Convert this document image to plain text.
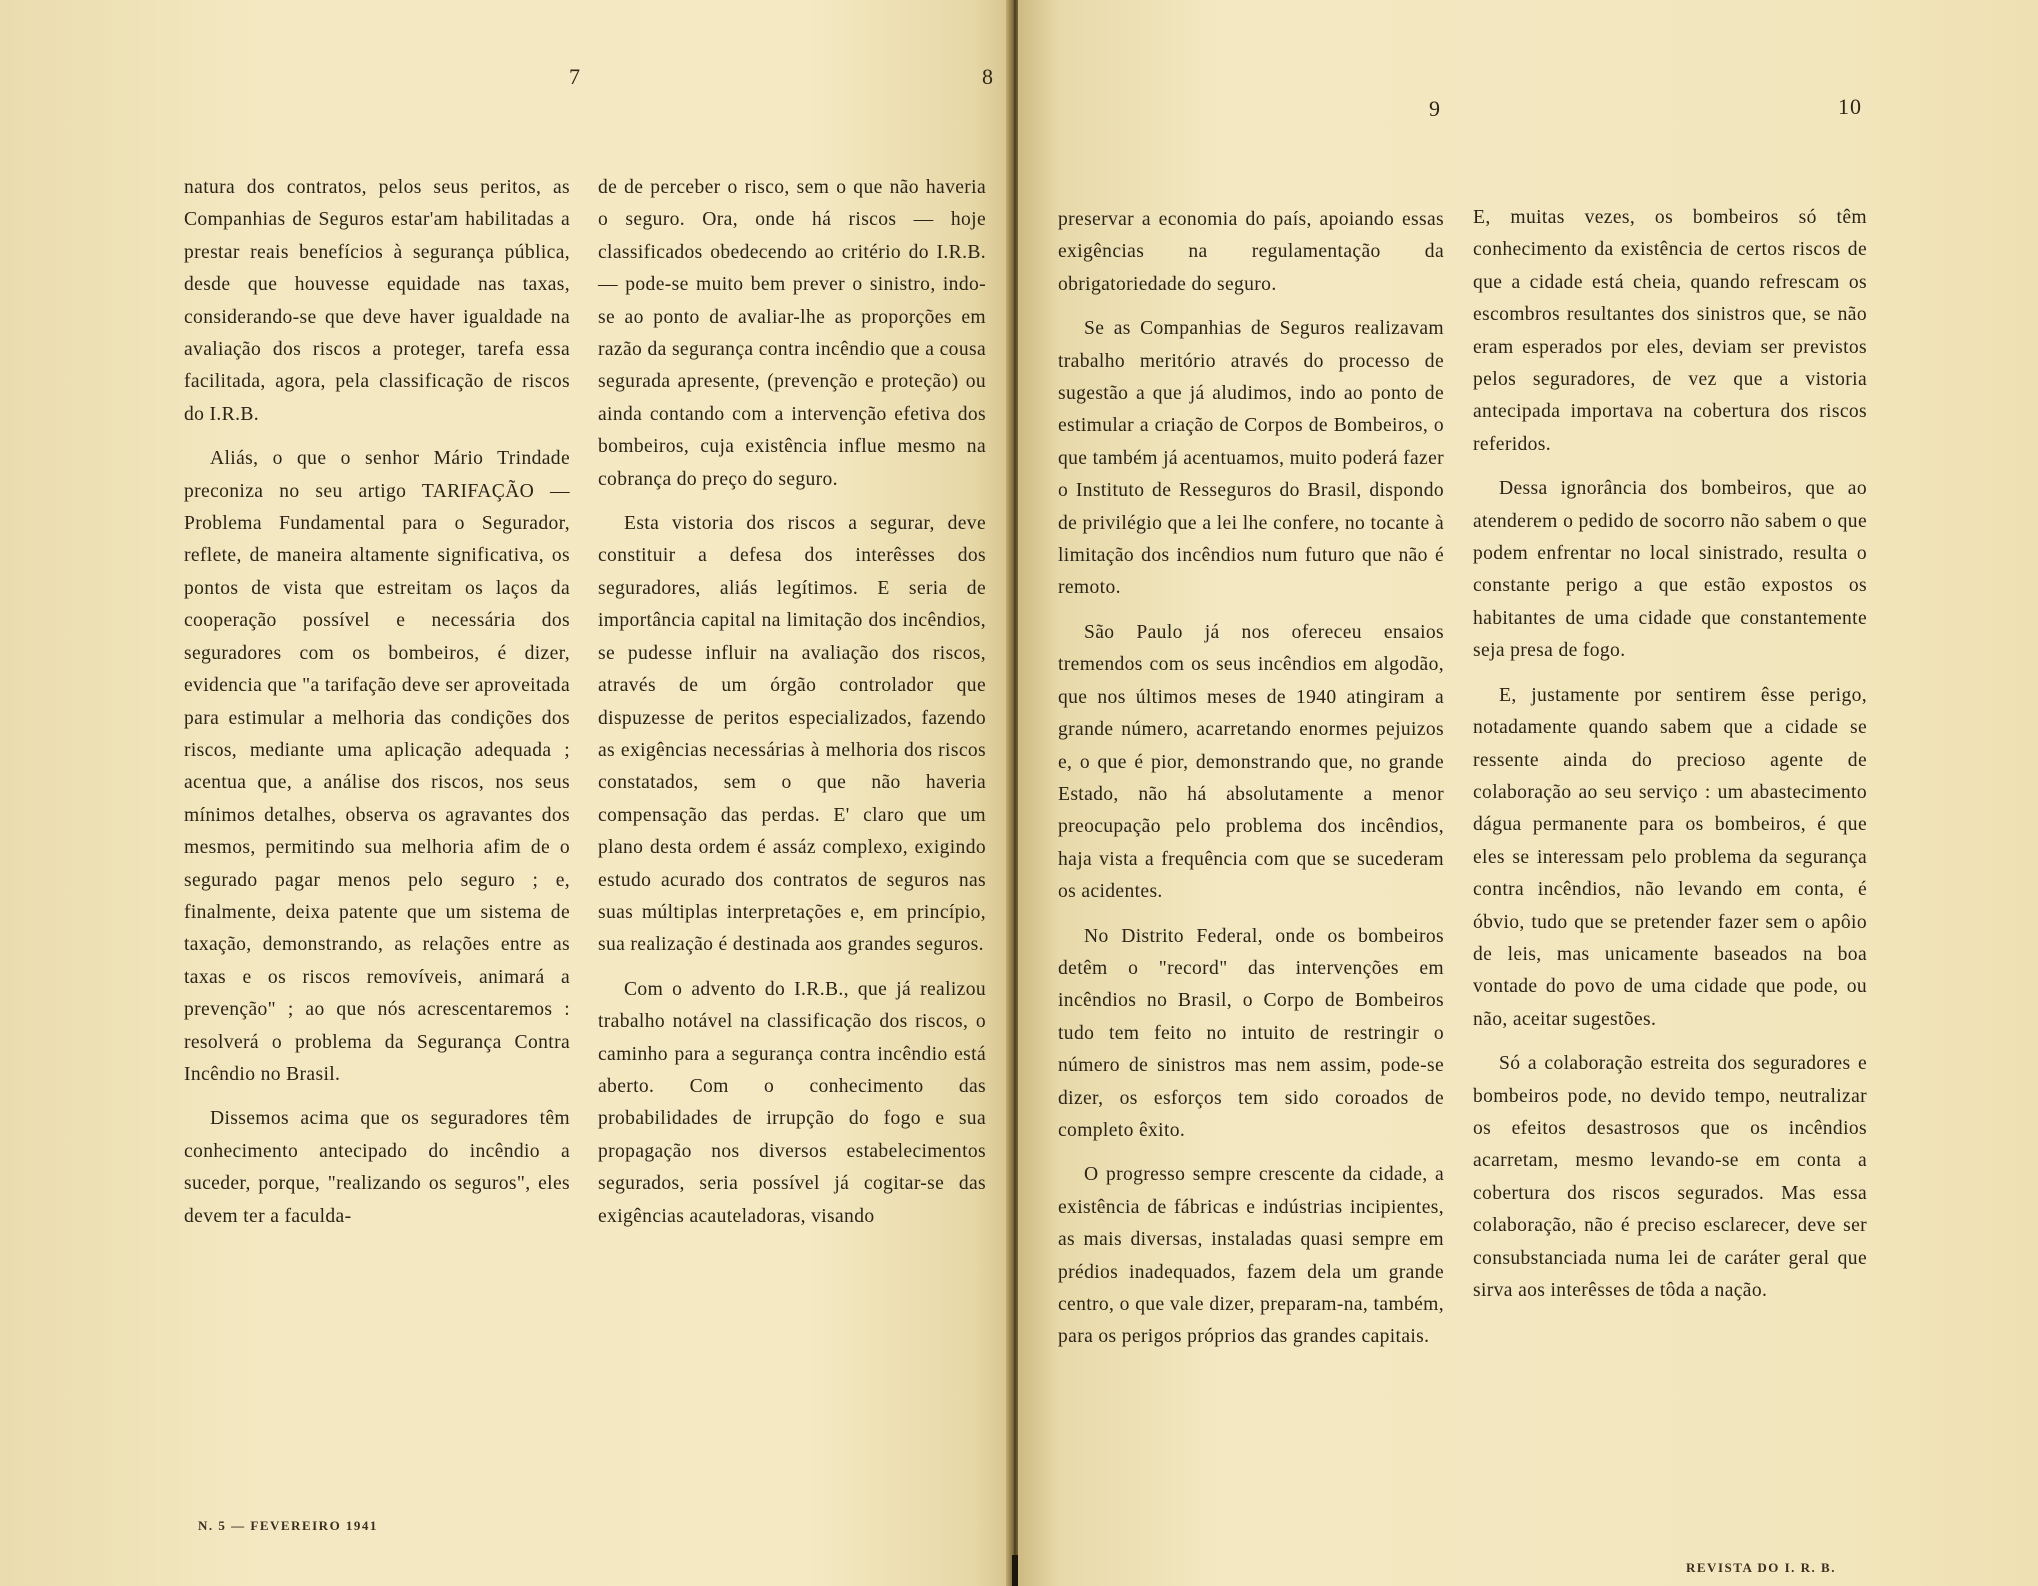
7	8

natura dos contratos, pelos seus peritos, as Companhias de Seguros estar'am habilitadas a prestar reais benefícios à segurança pública, desde que houvesse equidade nas taxas, considerando-se que deve haver igualdade na avaliação dos riscos a proteger, tarefa essa facilitada, agora, pela classificação de riscos do I.R.B.

Aliás, o que o senhor Mário Trindade preconiza no seu artigo TARIFAÇÃO — Problema Fundamental para o Segurador, reflete, de maneira altamente significativa, os pontos de vista que estreitam os laços da cooperação possível e necessária dos seguradores com os bombeiros, é dizer, evidencia que "a tarifação deve ser aproveitada para estimular a melhoria das condições dos riscos, mediante uma aplicação adequada ; acentua que, a análise dos riscos, nos seus mínimos detalhes, observa os agravantes dos mesmos, permitindo sua melhoria afim de o segurado pagar menos pelo seguro ; e, finalmente, deixa patente que um sistema de taxação, demonstrando, as relações entre as taxas e os riscos removíveis, animará a prevenção" ; ao que nós acrescentaremos : resolverá o problema da Segurança Contra Incêndio no Brasil.

Dissemos acima que os seguradores têm conhecimento antecipado do incêndio a suceder, porque, "realizando os seguros", eles devem ter a faculda-

de de perceber o risco, sem o que não haveria o seguro. Ora, onde há riscos — hoje classificados obedecendo ao critério do I.R.B. — pode-se muito bem prever o sinistro, indo-se ao ponto de avaliar-lhe as proporções em razão da segurança contra incêndio que a cousa segurada apresente, (prevenção e proteção) ou ainda contando com a intervenção efetiva dos bombeiros, cuja existência influe mesmo na cobrança do preço do seguro.

Esta vistoria dos riscos a segurar, deve constituir a defesa dos interêsses dos seguradores, aliás legítimos. E seria de importância capital na limitação dos incêndios, se pudesse influir na avaliação dos riscos, através de um órgão controlador que dispuzesse de peritos especializados, fazendo as exigências necessárias à melhoria dos riscos constatados, sem o que não haveria compensação das perdas. E' claro que um plano desta ordem é assáz complexo, exigindo estudo acurado dos contratos de seguros nas suas múltiplas interpretações e, em princípio, sua realização é destinada aos grandes seguros.

Com o advento do I.R.B., que já realizou trabalho notável na classificação dos riscos, o caminho para a segurança contra incêndio está aberto. Com o conhecimento das probabilidades de irrupção do fogo e sua propagação nos diversos estabelecimentos segurados, seria possível já cogitar-se das exigências acauteladoras, visando

N. 5 — FEVEREIRO 1941
9	10

preservar a economia do país, apoiando essas exigências na regulamentação da obrigatoriedade do seguro.

Se as Companhias de Seguros realizavam trabalho meritório através do processo de sugestão a que já aludimos, indo ao ponto de estimular a criação de Corpos de Bombeiros, o que também já acentuamos, muito poderá fazer o Instituto de Resseguros do Brasil, dispondo de privilégio que a lei lhe confere, no tocante à limitação dos incêndios num futuro que não é remoto.

São Paulo já nos ofereceu ensaios tremendos com os seus incêndios em algodão, que nos últimos meses de 1940 atingiram a grande número, acarretando enormes pejuizos e, o que é pior, demonstrando que, no grande Estado, não há absolutamente a menor preocupação pelo problema dos incêndios, haja vista a frequência com que se sucederam os acidentes.

No Distrito Federal, onde os bombeiros detêm o "record" das intervenções em incêndios no Brasil, o Corpo de Bombeiros tudo tem feito no intuito de restringir o número de sinistros mas nem assim, pode-se dizer, os esforços tem sido coroados de completo êxito.

O progresso sempre crescente da cidade, a existência de fábricas e indústrias incipientes, as mais diversas, instaladas quasi sempre em prédios inadequados, fazem dela um grande centro, o que vale dizer, preparam-na, também, para os perigos próprios das grandes capitais.

E, muitas vezes, os bombeiros só têm conhecimento da existência de certos riscos de que a cidade está cheia, quando refrescam os escombros resultantes dos sinistros que, se não eram esperados por eles, deviam ser previstos pelos seguradores, de vez que a vistoria antecipada importava na cobertura dos riscos referidos.

Dessa ignorância dos bombeiros, que ao atenderem o pedido de socorro não sabem o que podem enfrentar no local sinistrado, resulta o constante perigo a que estão expostos os habitantes de uma cidade que constantemente seja presa de fogo.

E, justamente por sentirem êsse perigo, notadamente quando sabem que a cidade se ressente ainda do precioso agente de colaboração ao seu serviço : um abastecimento dágua permanente para os bombeiros, é que eles se interessam pelo problema da segurança contra incêndios, não levando em conta, é óbvio, tudo que se pretender fazer sem o apôio de leis, mas unicamente baseados na boa vontade do povo de uma cidade que pode, ou não, aceitar sugestões.

Só a colaboração estreita dos seguradores e bombeiros pode, no devido tempo, neutralizar os efeitos desastrosos que os incêndios acarretam, mesmo levando-se em conta a cobertura dos riscos segurados. Mas essa colaboração, não é preciso esclarecer, deve ser consubstanciada numa lei de caráter geral que sirva aos interêsses de tôda a nação.

REVISTA DO I. R. B.
